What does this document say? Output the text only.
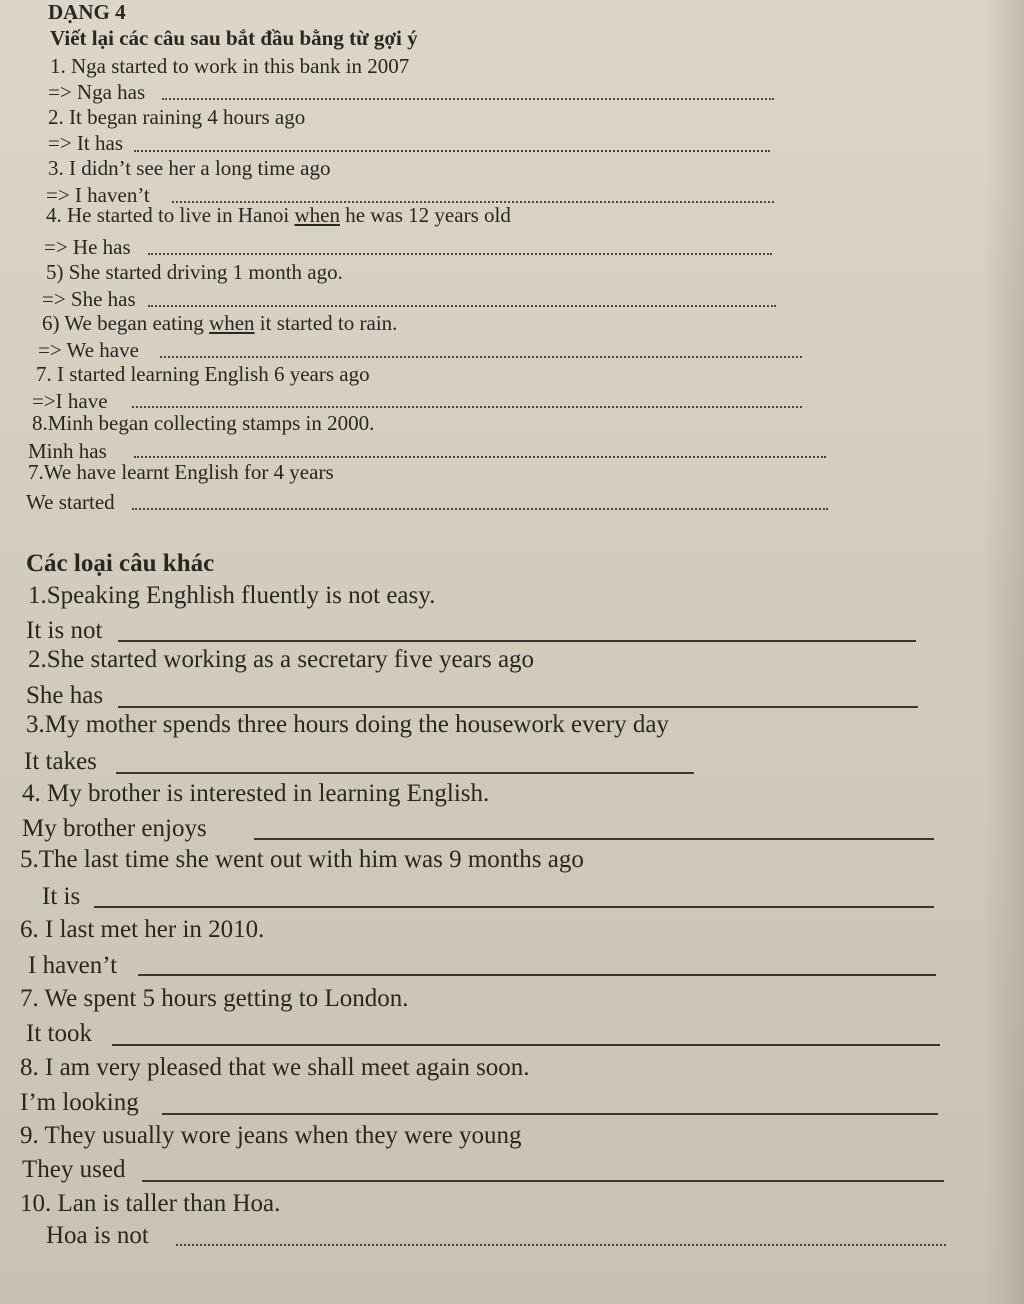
DẠNG 4
Viết lại các câu sau bắt đầu bằng từ gợi ý
1. Nga started to work in this bank in 2007
=> Nga has
2. It began raining 4 hours ago
=> It has
3. I didn’t see her a long time ago
=> I haven’t
4. He started to live in Hanoi when he was 12 years old
=> He has
5) She started driving 1 month ago.
=> She has
6) We began eating when it started to rain.
=> We have
7. I started learning English 6 years ago
=>I have
8.Minh began collecting stamps in 2000.
Minh has
7.We have learnt English for 4 years
We started
Các loại câu khác
1.Speaking Enghlish fluently is not easy.
It is not
2.She started working as a secretary five years ago
She has
3.My mother spends three hours doing the housework every day
It takes
4. My brother is interested in learning English.
My brother enjoys
5.The last time she went out with him was 9 months ago
It is
6. I last met her in 2010.
I haven’t
7. We spent 5 hours getting to London.
It took
8. I am very pleased that we shall meet again soon.
I’m looking
9. They usually wore jeans when they were young
They used
10. Lan is taller than Hoa.
Hoa is not
